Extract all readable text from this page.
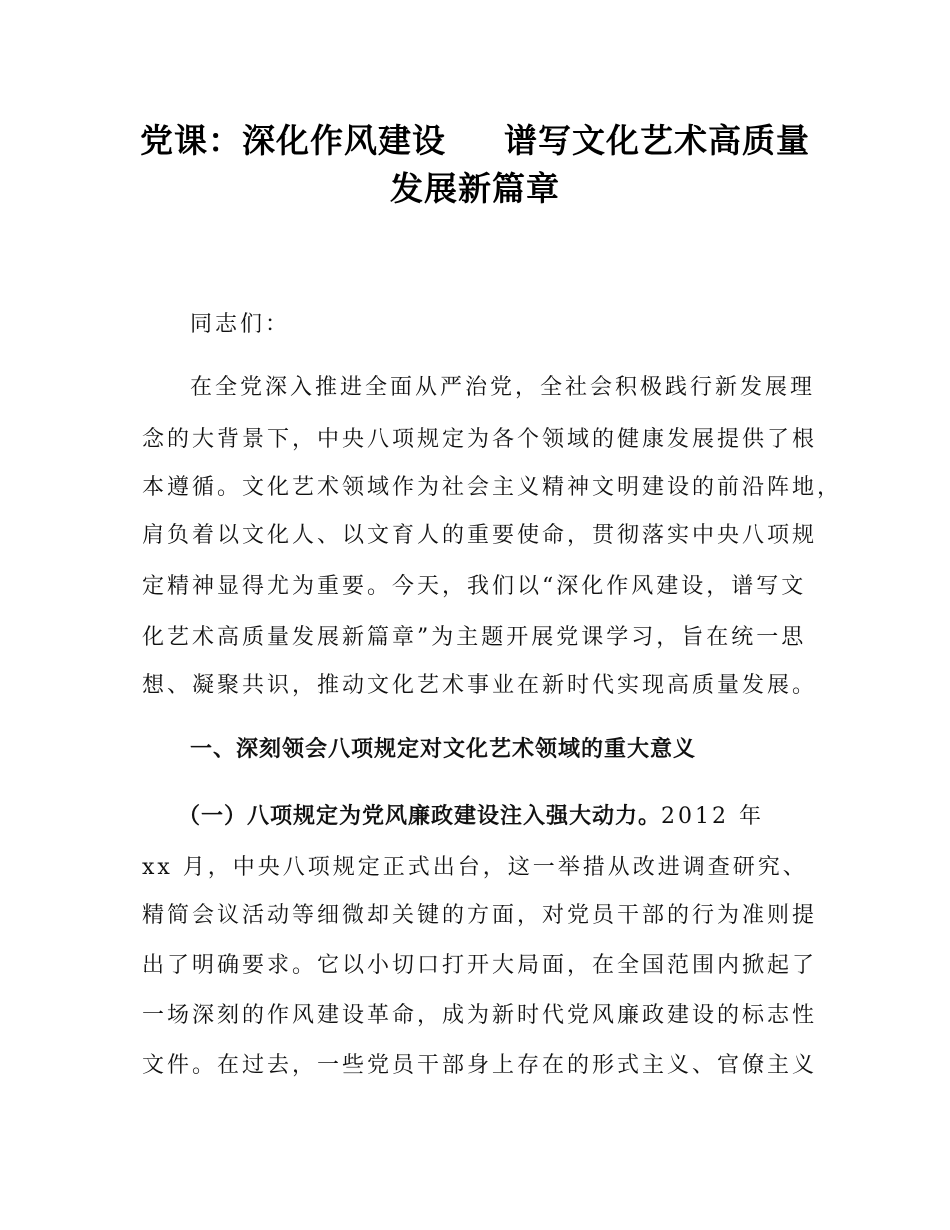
党课：深化作风建设 谱写文化艺术高质量
发展新篇章
同志们：
在全党深入推进全面从严治党，全社会积极践行新发展理
念的大背景下，中央八项规定为各个领域的健康发展提供了根
本遵循。文化艺术领域作为社会主义精神文明建设的前沿阵地，
肩负着以文化人、以文育人的重要使命，贯彻落实中央八项规
定精神显得尤为重要。今天，我们以“深化作风建设，谱写文
化艺术高质量发展新篇章”为主题开展党课学习，旨在统一思
想、凝聚共识，推动文化艺术事业在新时代实现高质量发展。
一、深刻领会八项规定对文化艺术领域的重大意义
（一）八项规定为党风廉政建设注入强大动力。2012 年
xx 月，中央八项规定正式出台，这一举措从改进调查研究、
精简会议活动等细微却关键的方面，对党员干部的行为准则提
出了明确要求。它以小切口打开大局面，在全国范围内掀起了
一场深刻的作风建设革命，成为新时代党风廉政建设的标志性
文件。在过去，一些党员干部身上存在的形式主义、官僚主义
